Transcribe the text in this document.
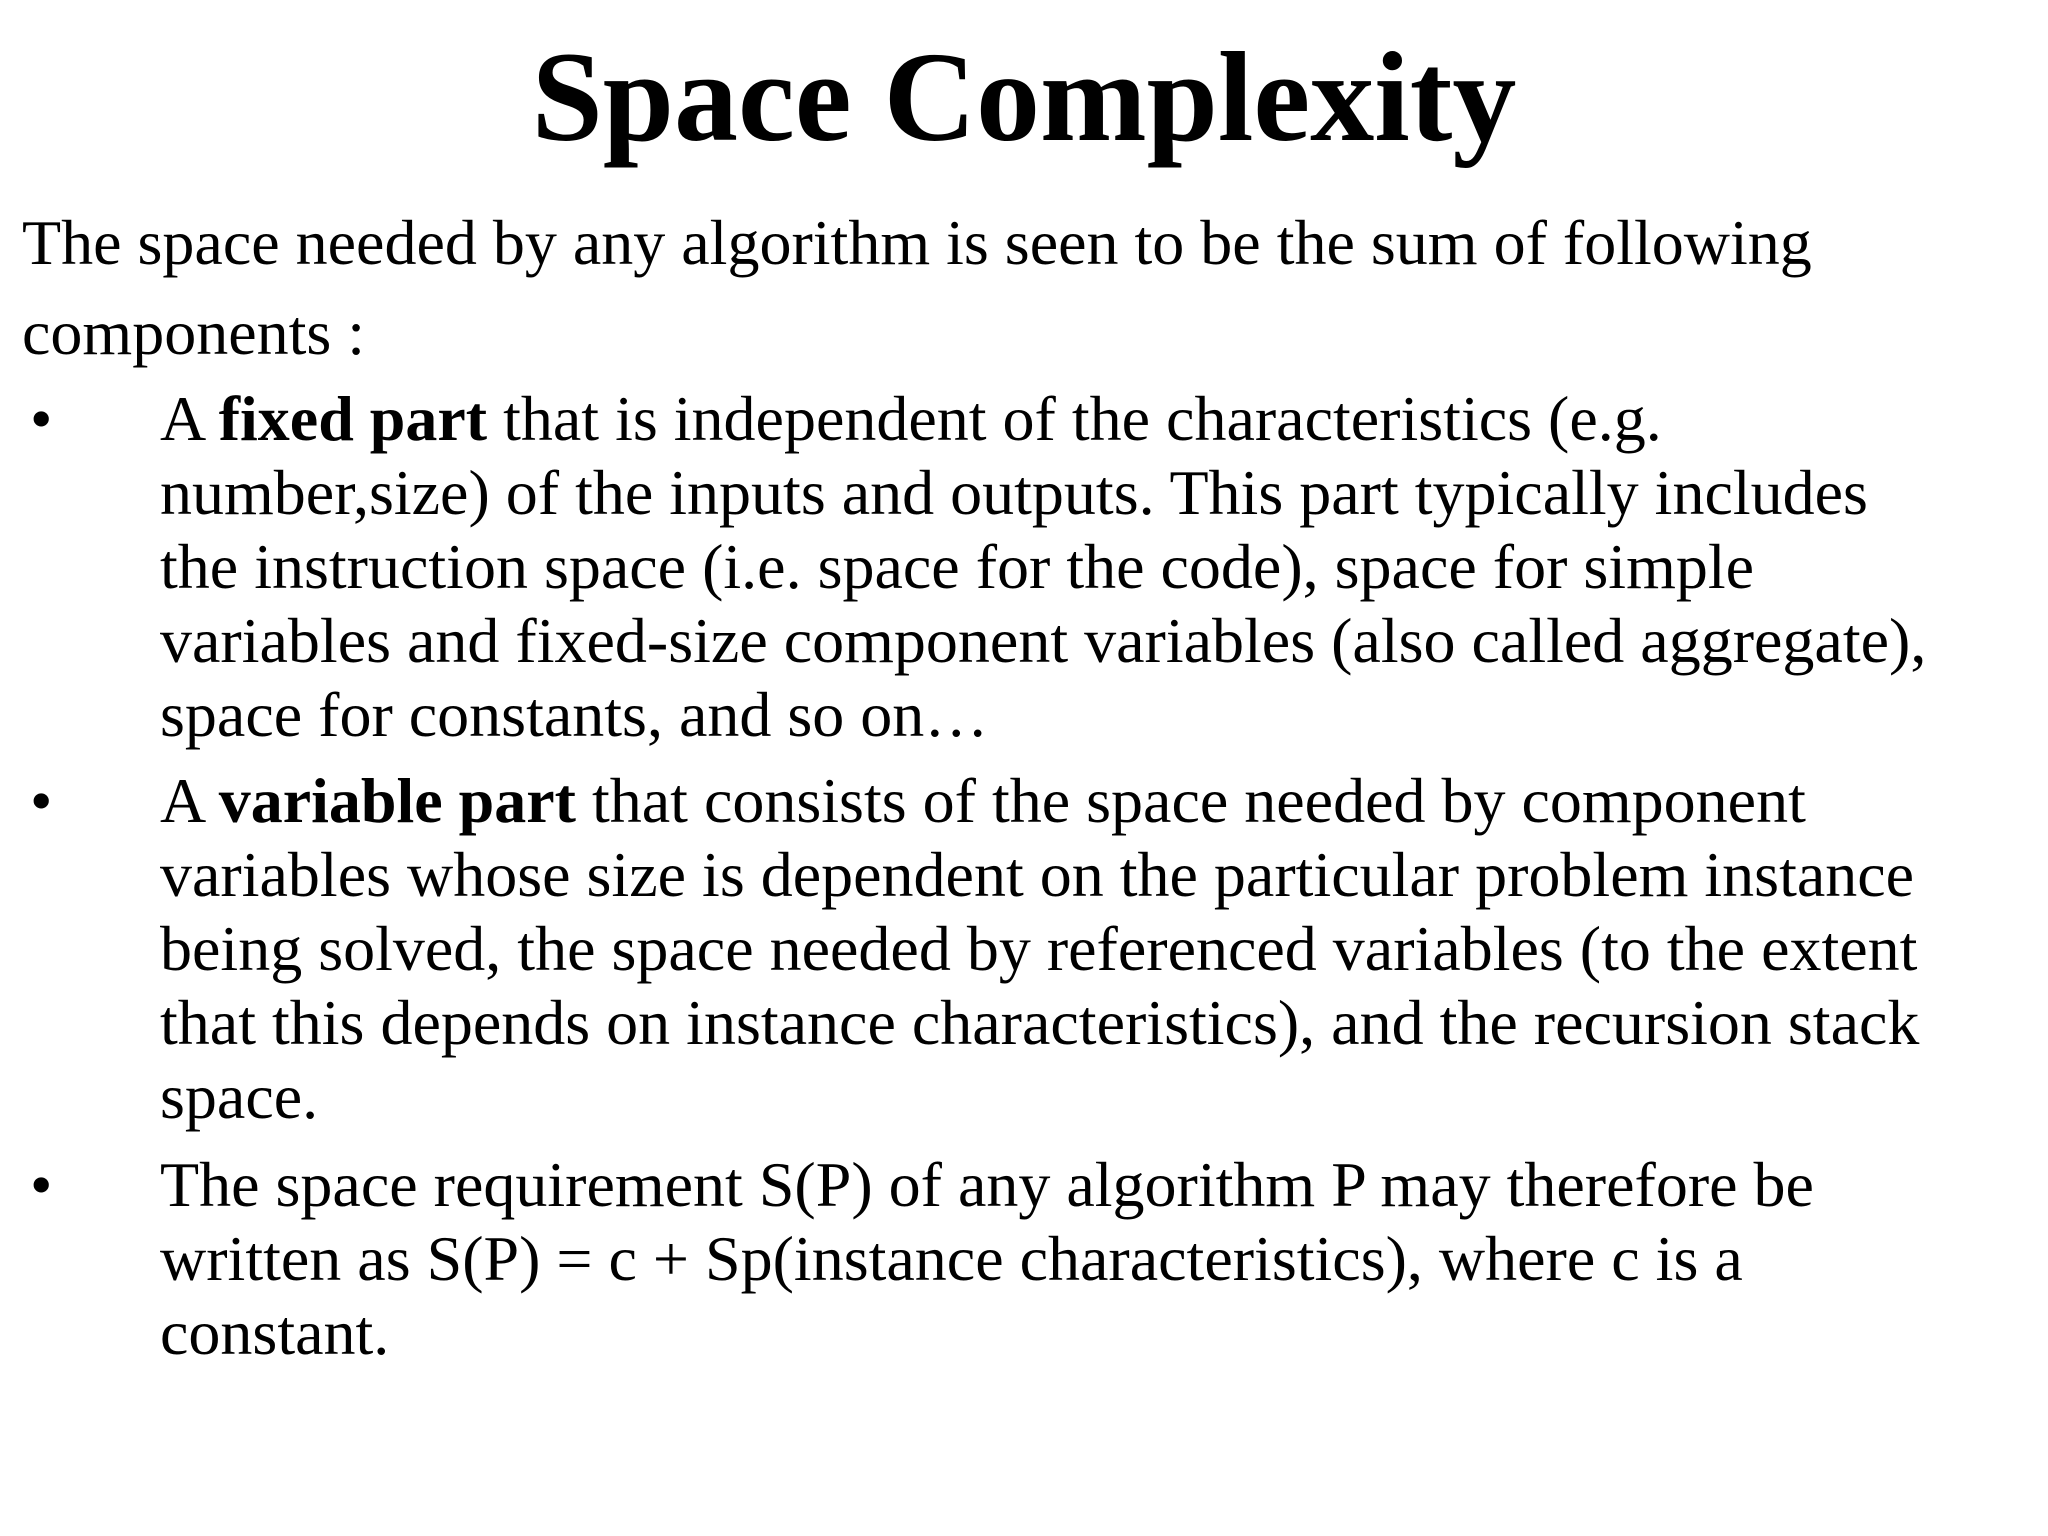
Space Complexity

The space needed by any algorithm is seen to be the sum of following components :

• A fixed part that is independent of the characteristics (e.g. number,size) of the inputs and outputs. This part typically includes the instruction space (i.e. space for the code), space for simple variables and fixed-size component variables (also called aggregate), space for constants, and so on…
• A variable part that consists of the space needed by component variables whose size is dependent on the particular problem instance being solved, the space needed by referenced variables (to the extent that this depends on instance characteristics), and the recursion stack space.
• The space requirement S(P) of any algorithm P may therefore be written as S(P) = c + Sp(instance characteristics), where c is a constant.
